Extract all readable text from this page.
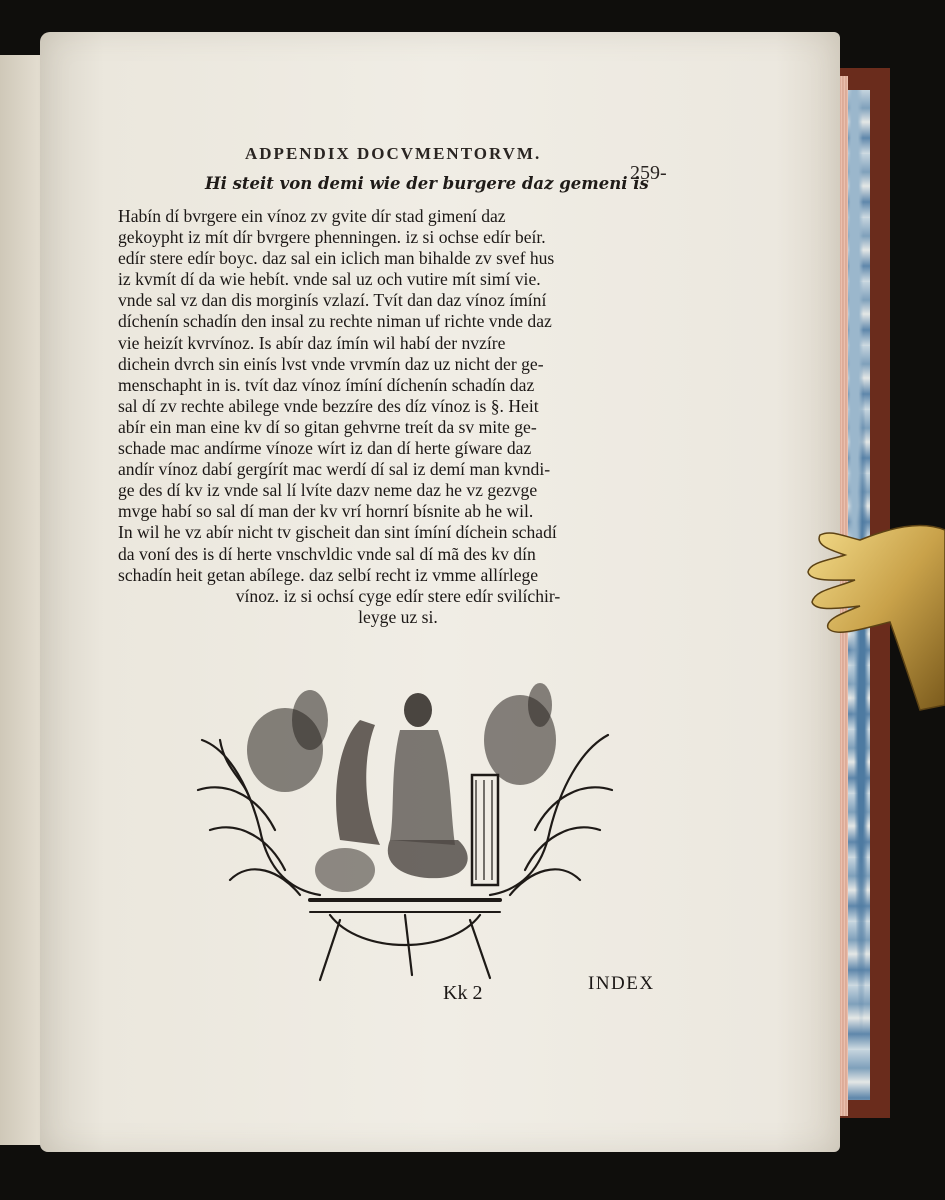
ADPENDIX DOCVMENTORVM.
259-
Hi steit von demi wie der burgere daz gemeni is

Habín dí bvrgere ein vínoz zv gvite dír stad gimení daz
gekoypht iz mít dír bvrgere phenningen. iz si ochse edír beír.
edír stere edír boyc. daz sal ein iclich man bihalde zv svef hus
iz kvmít dí da wie hebít. vnde sal uz och vutire mít simí vie.
vnde sal vz dan dis morginís vzlazí. Tvít dan daz vínoz ímíní
díchenín schadín den insal zu rechte niman uf richte vnde daz
vie heizít kvrvínoz. Is abír daz ímín wil habí der nvzíre
dichein dvrch sin einís lvst vnde vrvmín daz uz nicht der ge-
menschapht in is. tvít daz vínoz ímíní díchenín schadín daz
sal dí zv rechte abilege vnde bezzíre des díz vínoz is §. Heit
abír ein man eine kv dí so gitan gehvrne treít da sv mite ge-
schade mac andírme vínoze wírt iz dan dí herte gíware daz
andír vínoz dabí gergírít mac werdí dí sal iz demí man kvndi-
ge des dí kv iz vnde sal lí lvíte dazv neme daz he vz gezvge
mvge habí so sal dí man der kv vrí hornrí bísnite ab he wil.
In wil he vz abír nicht tv gischeit dan sint ímíní díchein schadí
da voní des is dí herte vnschvldic vnde sal dí mã des kv dín
schadín heit getan abílege. daz selbí recht iz vmme allírlege
vínoz. iz si ochsí cyge edír stere edír svilíchir-
leyge uz si.

Kk 2	INDEX
